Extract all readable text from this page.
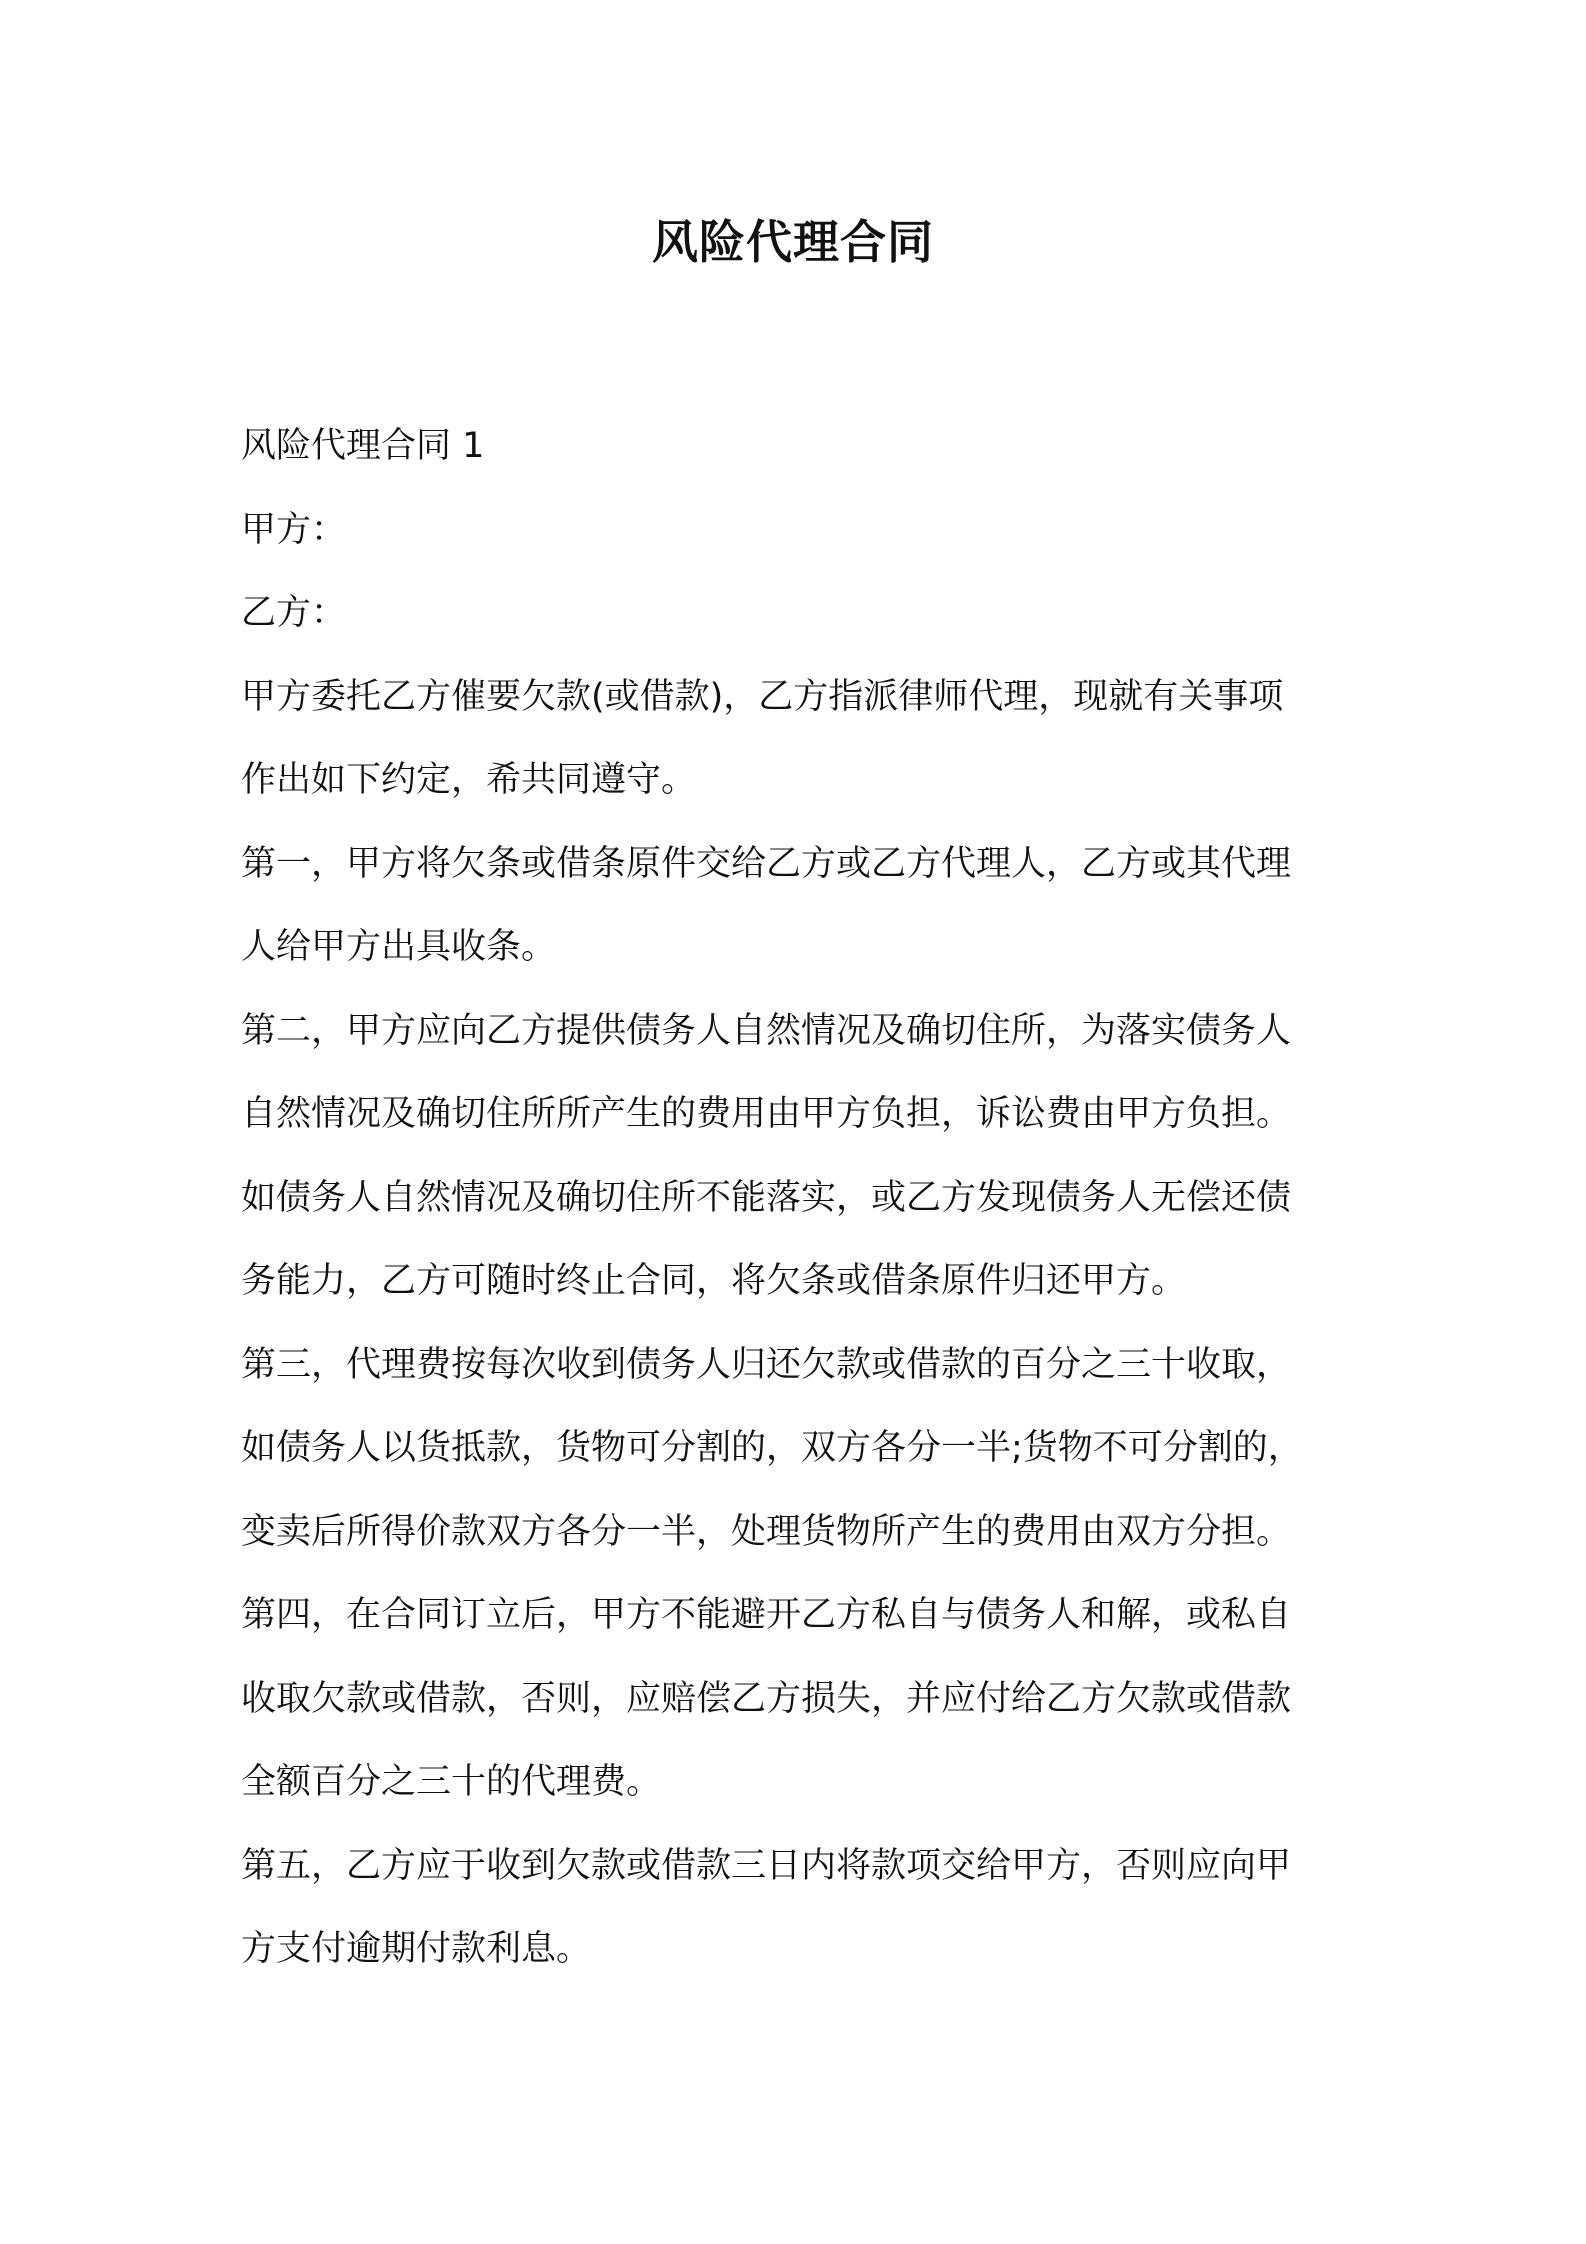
风险代理合同
风险代理合同 1
甲方：
乙方：
甲方委托乙方催要欠款(或借款)，乙方指派律师代理，现就有关事项
作出如下约定，希共同遵守。
第一，甲方将欠条或借条原件交给乙方或乙方代理人，乙方或其代理
人给甲方出具收条。
第二，甲方应向乙方提供债务人自然情况及确切住所，为落实债务人
自然情况及确切住所所产生的费用由甲方负担，诉讼费由甲方负担。
如债务人自然情况及确切住所不能落实，或乙方发现债务人无偿还债
务能力，乙方可随时终止合同，将欠条或借条原件归还甲方。
第三，代理费按每次收到债务人归还欠款或借款的百分之三十收取，
如债务人以货抵款，货物可分割的，双方各分一半;货物不可分割的，
变卖后所得价款双方各分一半，处理货物所产生的费用由双方分担。
第四，在合同订立后，甲方不能避开乙方私自与债务人和解，或私自
收取欠款或借款，否则，应赔偿乙方损失，并应付给乙方欠款或借款
全额百分之三十的代理费。
第五，乙方应于收到欠款或借款三日内将款项交给甲方，否则应向甲
方支付逾期付款利息。
